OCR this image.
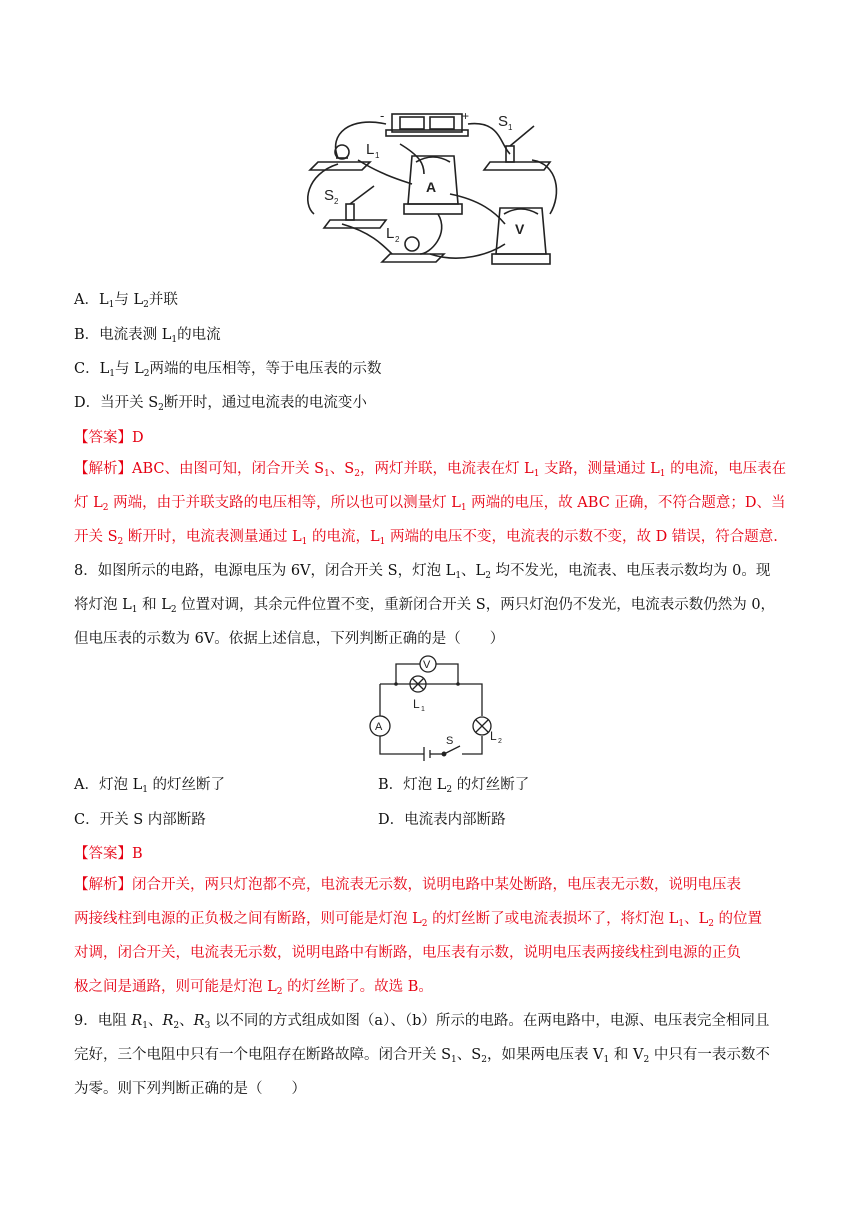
-	+ S 1
L 1
S 2
L 2
A
V
A．$L_1$与 $L_2$并联
B．电流表测 $L_1$的电流
C．$L_1$与 $L_2$两端的电压相等，等于电压表的示数
D．当开关 $S_2$断开时，通过电流表的电流变小
【答案】D

【解析】ABC、由图可知，闭合开关 $S_1$、$S_2$，两灯并联，电流表在灯 $L_1$ 支路，测量通过 $L_1$ 的电流，电压表在

灯 $L_2$ 两端，由于并联支路的电压相等，所以也可以测量灯 $L_1$ 两端的电压，故 ABC 正确，不符合题意；D、当

开关 $S_2$ 断开时，电流表测量通过 $L_1$ 的电流，$L_1$ 两端的电压不变，电流表的示数不变，故 D 错误，符合题意.

8．如图所示的电路，电源电压为 6V，闭合开关 S，灯泡 $L_1$、$L_2$ 均不发光，电流表、电压表示数均为 0。现

将灯泡 $L_1$ 和 $L_2$ 位置对调，其余元件位置不变，重新闭合开关 S，两只灯泡仍不发光，电流表示数仍然为 0，

但电压表的示数为 6V。依据上述信息，下列判断正确的是（　　）

V
A
L 1
L 2
S
A．灯泡 $L_1$ 的灯丝断了	B．灯泡 $L_2$ 的灯丝断了
C．开关 S 内部断路	D．电流表内部断路
【答案】B

【解析】闭合开关，两只灯泡都不亮，电流表无示数，说明电路中某处断路，电压表无示数，说明电压表

两接线柱到电源的正负极之间有断路，则可能是灯泡 $L_2$ 的灯丝断了或电流表损坏了，将灯泡 $L_1$、$L_2$ 的位置

对调，闭合开关，电流表无示数，说明电路中有断路，电压表有示数，说明电压表两接线柱到电源的正负

极之间是通路，则可能是灯泡 $L_2$ 的灯丝断了。故选 B。

9．电阻 $R_1$、$R_2$、$R_3$ 以不同的方式组成如图（a）、（b）所示的电路。在两电路中，电源、电压表完全相同且

完好，三个电阻中只有一个电阻存在断路故障。闭合开关 $S_1$、$S_2$，如果两电压表 $V_1$ 和 $V_2$ 中只有一表示数不

为零。则下列判断正确的是（　　）
